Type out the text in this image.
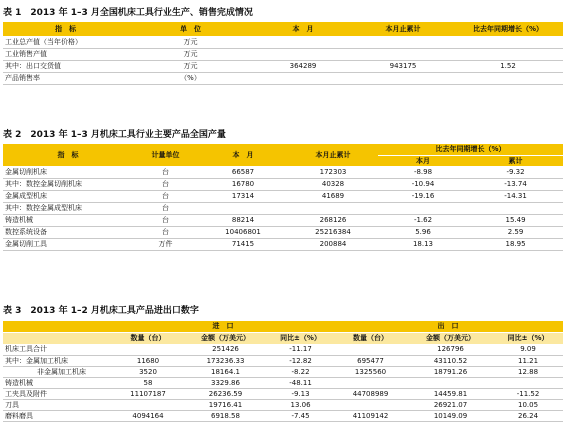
表 1　2013 年 1–3 月全国机床工具行业生产、销售完成情况
指　标	单　位	本　月	本月止累计	比去年同期增长（%）
工业总产值（当年价格）	万元			
工业销售产值	万元			
其中：出口交货值	万元	364289	943175	1.52
产品销售率	（%）			
表 2　2013 年 1–3 月机床工具行业主要产品全国产量
指　标	计量单位	本　月	本月止累计	比去年同期增长（%）	
				本月	累计
金属切削机床	台	66587	172303	-8.98	-9.32
其中：数控金属切削机床	台	16780	40328	-10.94	-13.74
金属成型机床	台	17314	41689	-19.16	-14.31
其中：数控金属成型机床	台				
铸造机械	台	88214	268126	-1.62	15.49
数控系统设备	台	10406801	25216384	5.96	2.59
金属切削工具	万件	71415	200884	18.13	18.95
表 3　2013 年 1–2 月机床工具产品进出口数字
	进　口			出　口		
	数量（台）	金额（万美元）	同比±（%）	数量（台）	金额（万美元）	同比±（%）
机床工具合计		251426	-11.17		126796	9.09
其中：金属加工机床	11680	173236.33	-12.82	695477	43110.52	11.21
非金属加工机床	3520	18164.1	-8.22	1325560	18791.26	12.88
铸造机械	58	3329.86	-48.11			
工夹具及附件	11107187	26236.59	-9.13	44708989	14459.81	-11.52
刀具		19716.41	13.06		26921.07	10.05
磨料磨具	4094164	6918.58	-7.45	41109142	10149.09	26.24
